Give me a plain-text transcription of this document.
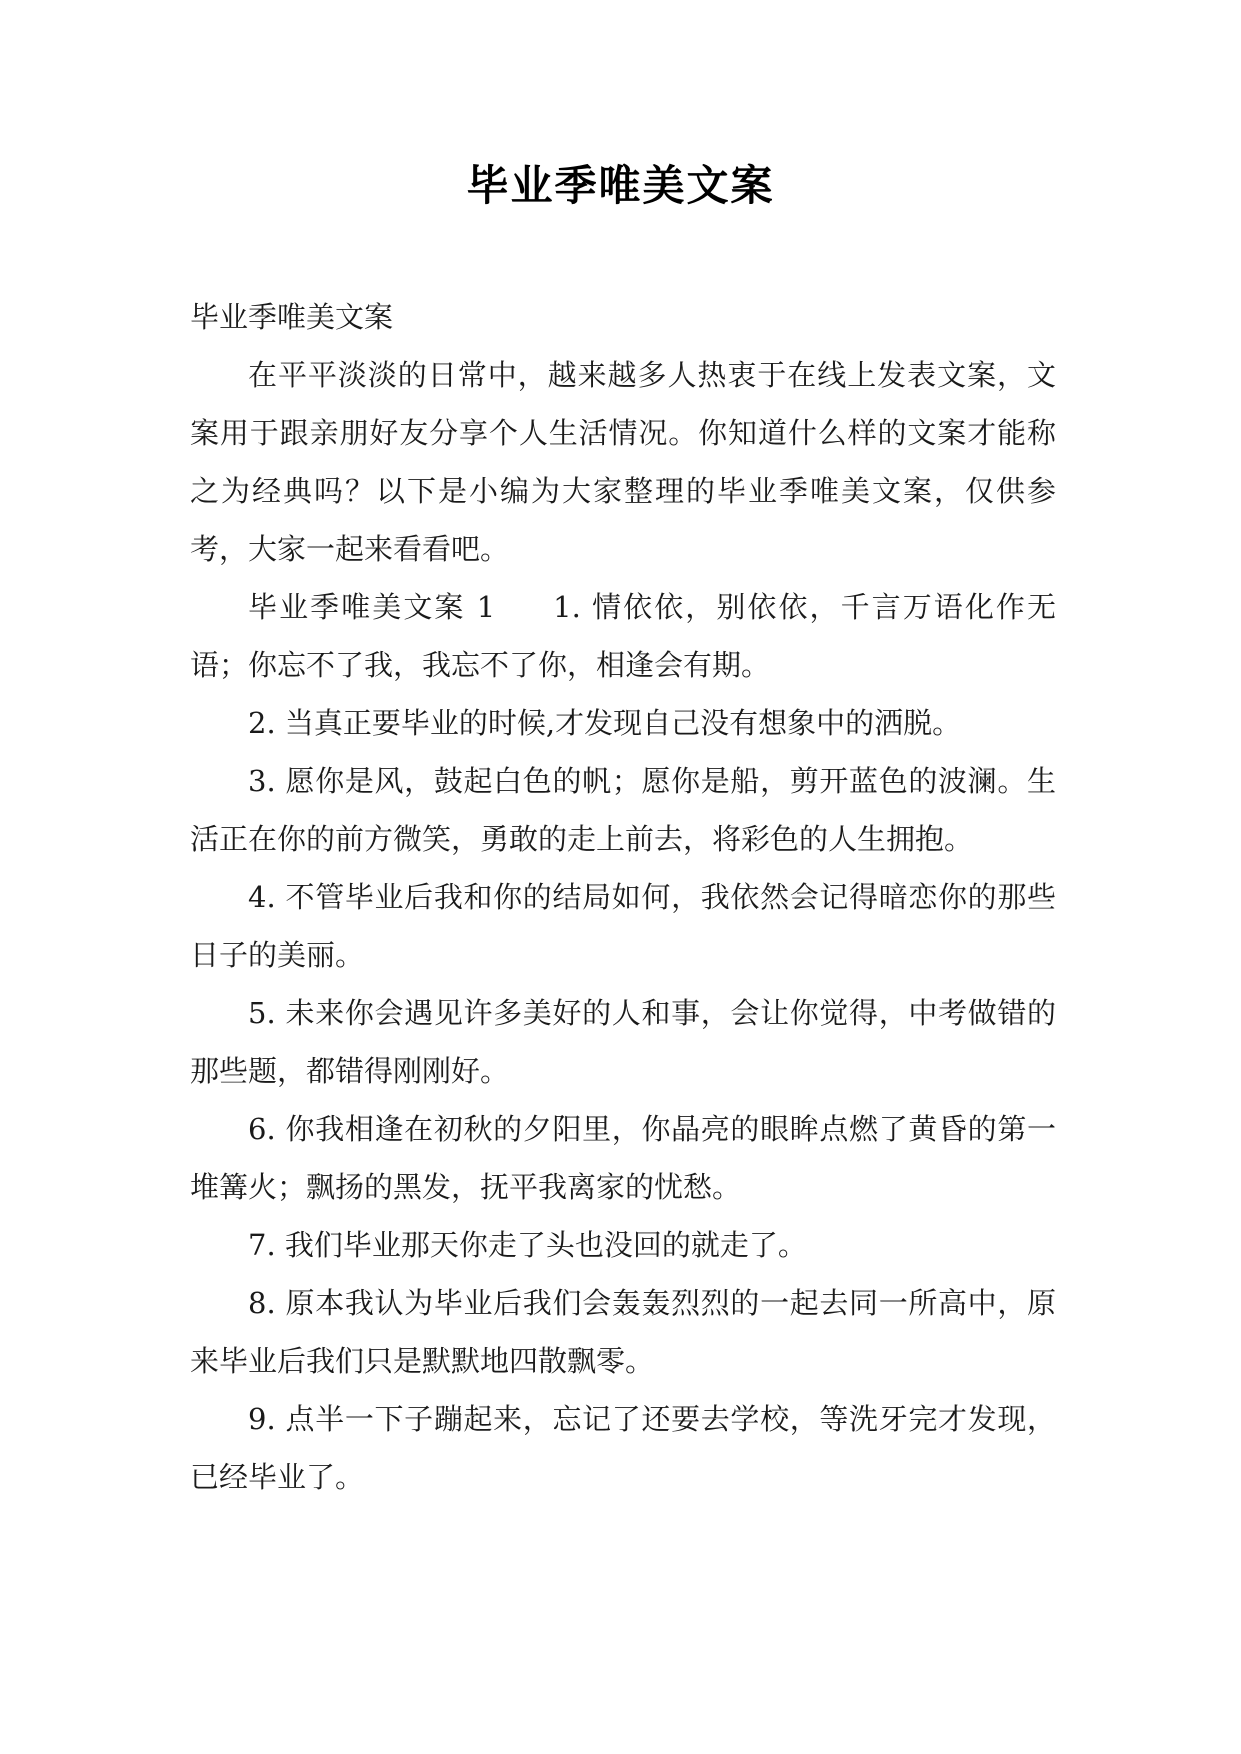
毕业季唯美文案

毕业季唯美文案

在平平淡淡的日常中，越来越多人热衷于在线上发表文案，文案用于跟亲朋好友分享个人生活情况。你知道什么样的文案才能称之为经典吗？以下是小编为大家整理的毕业季唯美文案，仅供参考，大家一起来看看吧。

毕业季唯美文案 1 1. 情依依，别依依，千言万语化作无语；你忘不了我，我忘不了你，相逢会有期。

2. 当真正要毕业的时候,才发现自己没有想象中的洒脱。

3. 愿你是风，鼓起白色的帆；愿你是船，剪开蓝色的波澜。生活正在你的前方微笑，勇敢的走上前去，将彩色的人生拥抱。

4. 不管毕业后我和你的结局如何，我依然会记得暗恋你的那些日子的美丽。

5. 未来你会遇见许多美好的人和事，会让你觉得，中考做错的那些题，都错得刚刚好。

6. 你我相逢在初秋的夕阳里，你晶亮的眼眸点燃了黄昏的第一堆篝火；飘扬的黑发，抚平我离家的忧愁。

7. 我们毕业那天你走了头也没回的就走了。

8. 原本我认为毕业后我们会轰轰烈烈的一起去同一所高中，原来毕业后我们只是默默地四散飘零。

9. 点半一下子蹦起来，忘记了还要去学校，等洗牙完才发现，已经毕业了。
